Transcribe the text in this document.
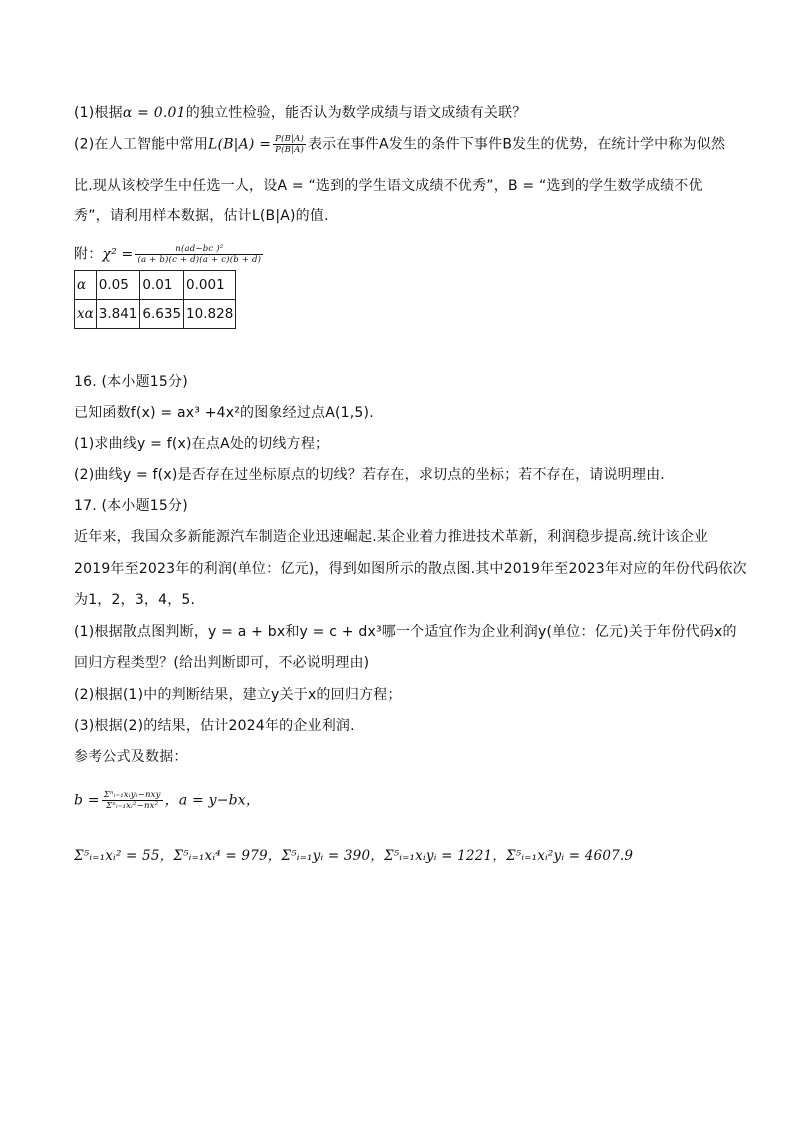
(1)根据α = 0.01的独立性检验，能否认为数学成绩与语文成绩有关联？
(2)在人工智能中常用$L(B|A) = \frac{P(B|A)}{P(B|A)}$ 表示在事件A发生的条件下事件B发生的优势，在统计学中称为似然
比.现从该校学生中任选一人，设A = “选到的学生语文成绩不优秀”，B = “选到的学生数学成绩不优
秀”，请利用样本数据，估计L(B|A)的值.
附：$\chi^2 = \frac{\text{n(ad−bc )²}}{(a + b)(c + d)(a + c)(b + d)}$
α	0.05	0.01	0.001
xα	3.841	6.635	10.828
16. (本小题15分)
已知函数f(x) = ax³ +4x²的图象经过点A(1,5).
(1)求曲线y = f(x)在点A处的切线方程；
(2)曲线y = f(x)是否存在过坐标原点的切线？若存在，求切点的坐标；若不存在，请说明理由.
17. (本小题15分)
近年来，我国众多新能源汽车制造企业迅速崛起.某企业着力推进技术革新，利润稳步提高.统计该企业
2019年至2023年的利润(单位：亿元)，得到如图所示的散点图.其中2019年至2023年对应的年份代码依次
为1，2，3，4，5.
(1)根据散点图判断，y = a + bx和y = c + dx³哪一个适宜作为企业利润y(单位：亿元)关于年份代码x的
回归方程类型？(给出判断即可，不必说明理由)
(2)根据(1)中的判断结果，建立y关于x的回归方程；
(3)根据(2)的结果，估计2024年的企业利润.
参考公式及数据：
$b = \frac{\text{Σⁿᵢ₌₁xᵢyᵢ−nxy}}{\text{Σⁿᵢ₌₁xᵢ²−nx²}}$ ，a = y−bx，
Σ⁵ᵢ₌₁xᵢ² = 55，Σ⁵ᵢ₌₁xᵢ⁴ = 979，Σ⁵ᵢ₌₁yᵢ = 390，Σ⁵ᵢ₌₁xᵢyᵢ = 1221，Σ⁵ᵢ₌₁xᵢ²yᵢ = 4607.9
